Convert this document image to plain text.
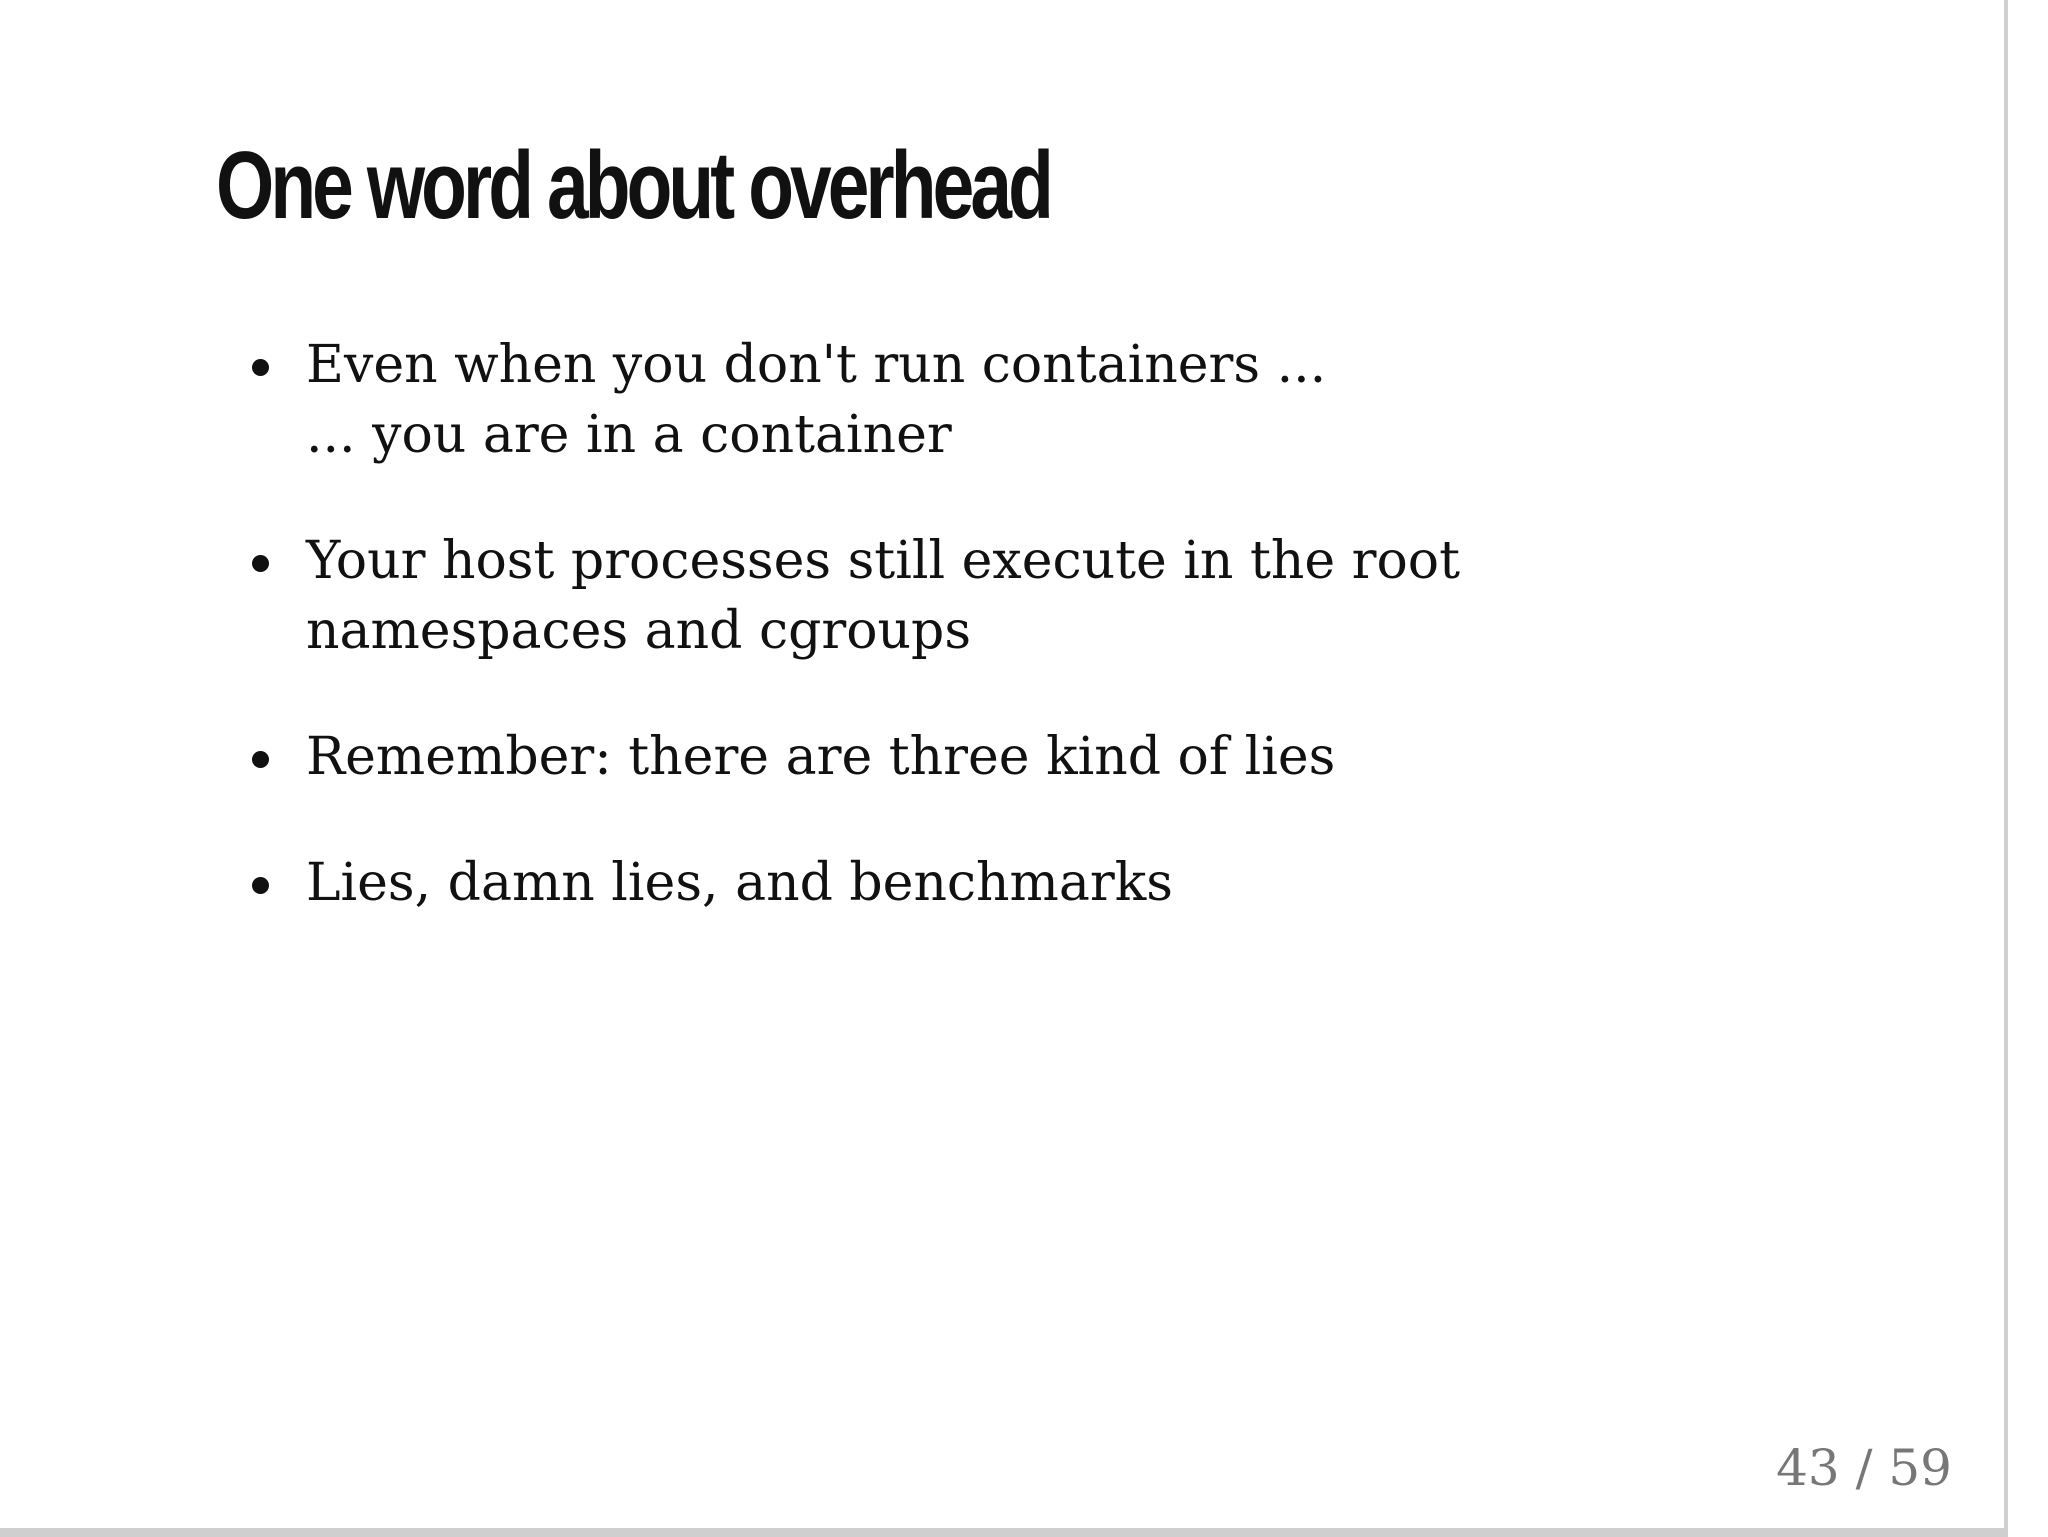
One word about overhead
Even when you don't run containers ...
... you are in a container
Your host processes still execute in the root
namespaces and cgroups
Remember: there are three kind of lies
Lies, damn lies, and benchmarks
43 / 59
